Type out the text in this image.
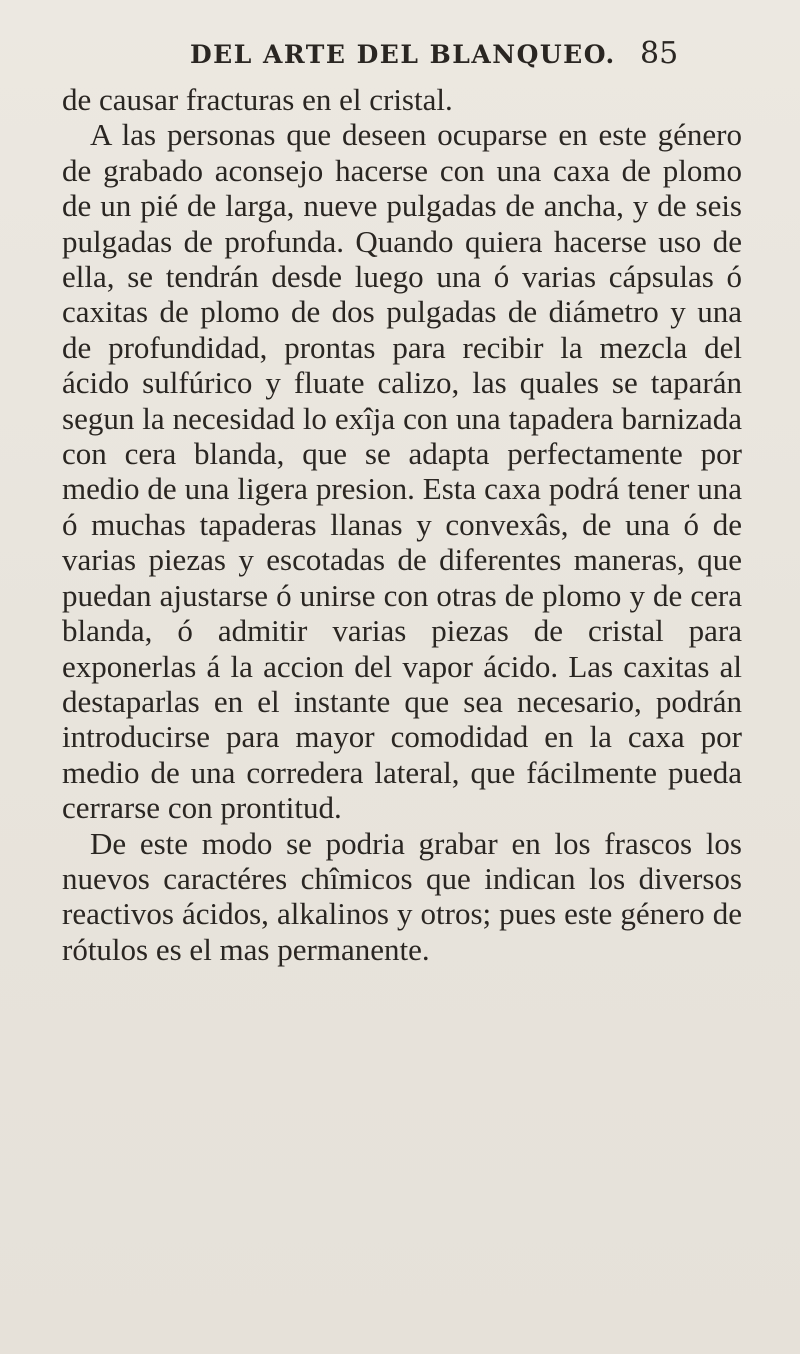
DEL ARTE DEL BLANQUEO. 85

de causar fracturas en el cristal.

A las personas que deseen ocuparse en este género de grabado aconsejo hacerse con una caxa de plomo de un pié de larga, nueve pulgadas de ancha, y de seis pulgadas de profunda. Quando quiera hacerse uso de ella, se tendrán desde luego una ó varias cápsulas ó caxitas de plomo de dos pulgadas de diámetro y una de profundidad, prontas para recibir la mezcla del ácido sulfúrico y fluate calizo, las quales se taparán segun la necesidad lo exîja con una tapadera barnizada con cera blanda, que se adapta perfectamente por medio de una ligera presion. Esta caxa podrá tener una ó muchas tapaderas llanas y convexâs, de una ó de varias piezas y escotadas de diferentes maneras, que puedan ajustarse ó unirse con otras de plomo y de cera blanda, ó admitir varias piezas de cristal para exponerlas á la accion del vapor ácido. Las caxitas al destaparlas en el instante que sea necesario, podrán introducirse para mayor comodidad en la caxa por medio de una corredera lateral, que fácilmente pueda cerrarse con prontitud.

De este modo se podria grabar en los frascos los nuevos caractéres chîmicos que indican los diversos reactivos ácidos, alkalinos y otros; pues este género de rótulos es el mas permanente.
